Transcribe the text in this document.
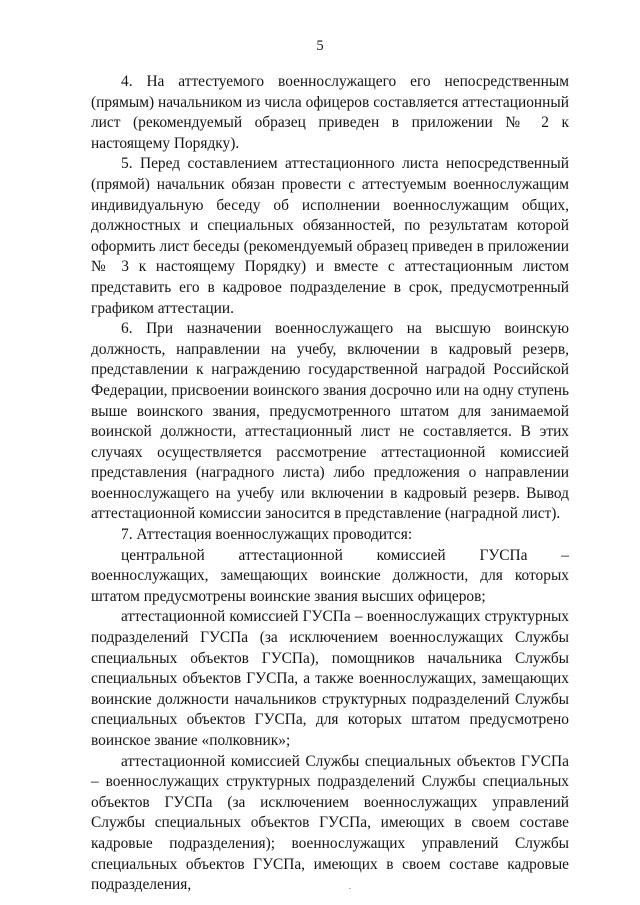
5

4. На аттестуемого военнослужащего его непосредственным (прямым) начальником из числа офицеров составляется аттестационный лист (рекомендуемый образец приведен в приложении № 2 к настоящему Порядку).

5. Перед составлением аттестационного листа непосредственный (прямой) начальник обязан провести с аттестуемым военнослужащим индивидуальную беседу об исполнении военнослужащим общих, должностных и специальных обязанностей, по результатам которой оформить лист беседы (рекомендуемый образец приведен в приложении № 3 к настоящему Порядку) и вместе с аттестационным листом представить его в кадровое подразделение в срок, предусмотренный графиком аттестации.

6. При назначении военнослужащего на высшую воинскую должность, направлении на учебу, включении в кадровый резерв, представлении к награждению государственной наградой Российской Федерации, присвоении воинского звания досрочно или на одну ступень выше воинского звания, предусмотренного штатом для занимаемой воинской должности, аттестационный лист не составляется. В этих случаях осуществляется рассмотрение аттестационной комиссией представления (наградного листа) либо предложения о направлении военнослужащего на учебу или включении в кадровый резерв. Вывод аттестационной комиссии заносится в представление (наградной лист).

7. Аттестация военнослужащих проводится:

центральной аттестационной комиссией ГУСПа – военнослужащих, замещающих воинские должности, для которых штатом предусмотрены воинские звания высших офицеров;

аттестационной комиссией ГУСПа – военнослужащих структурных подразделений ГУСПа (за исключением военнослужащих Службы специальных объектов ГУСПа), помощников начальника Службы специальных объектов ГУСПа, а также военнослужащих, замещающих воинские должности начальников структурных подразделений Службы специальных объектов ГУСПа, для которых штатом предусмотрено воинское звание «полковник»;

аттестационной комиссией Службы специальных объектов ГУСПа – военнослужащих структурных подразделений Службы специальных объектов ГУСПа (за исключением военнослужащих управлений Службы специальных объектов ГУСПа, имеющих в своем составе кадровые подразделения); военнослужащих управлений Службы специальных объектов ГУСПа, имеющих в своем составе кадровые подразделения,
